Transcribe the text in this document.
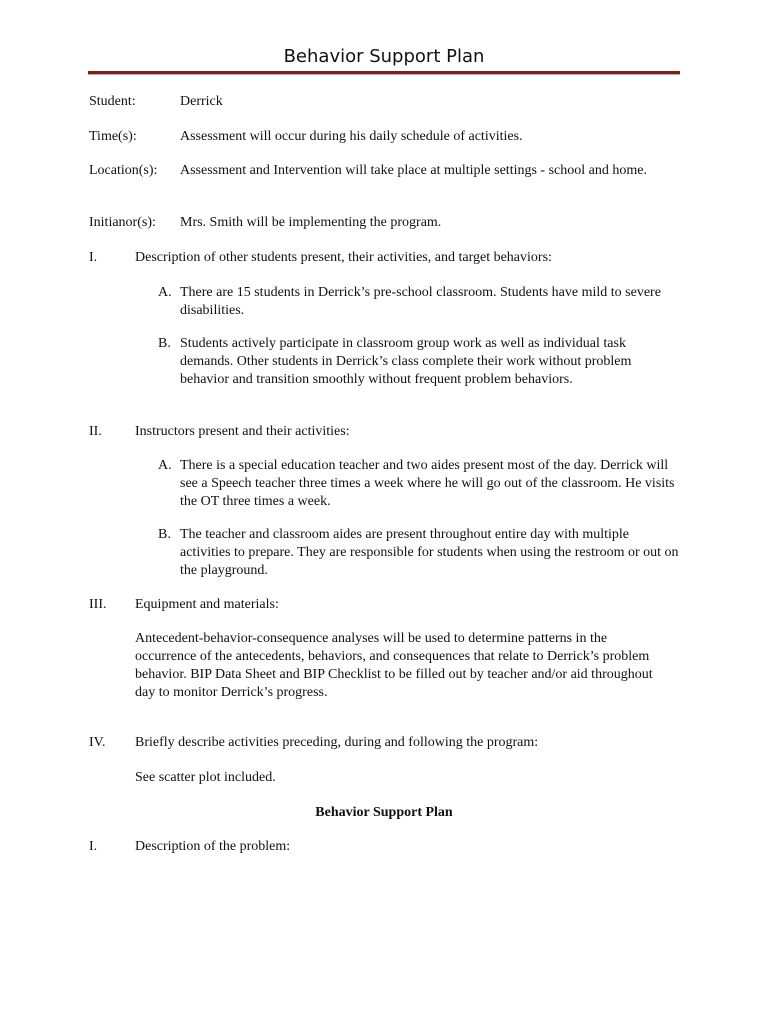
Behavior Support Plan
Student:	Derrick
Time(s):	Assessment will occur during his daily schedule of activities.
Location(s): Assessment and Intervention will take place at multiple settings - school and home.
Initianor(s): Mrs. Smith will be implementing the program.
I.	Description of other students present, their activities, and target behaviors:
A. There are 15 students in Derrick’s pre-school classroom. Students have mild to severe disabilities.
B. Students actively participate in classroom group work as well as individual task demands. Other students in Derrick’s class complete their work without problem behavior and transition smoothly without frequent problem behaviors.
II. Instructors present and their activities:
A. There is a special education teacher and two aides present most of the day. Derrick will see a Speech teacher three times a week where he will go out of the classroom. He visits the OT three times a week.
B. The teacher and classroom aides are present throughout entire day with multiple activities to prepare. They are responsible for students when using the restroom or out on the playground.
III. Equipment and materials:
Antecedent-behavior-consequence analyses will be used to determine patterns in the occurrence of the antecedents, behaviors, and consequences that relate to Derrick’s problem behavior. BIP Data Sheet and BIP Checklist to be filled out by teacher and/or aid throughout day to monitor Derrick’s progress.
IV. Briefly describe activities preceding, during and following the program:
See scatter plot included.
Behavior Support Plan
I.	Description of the problem:
